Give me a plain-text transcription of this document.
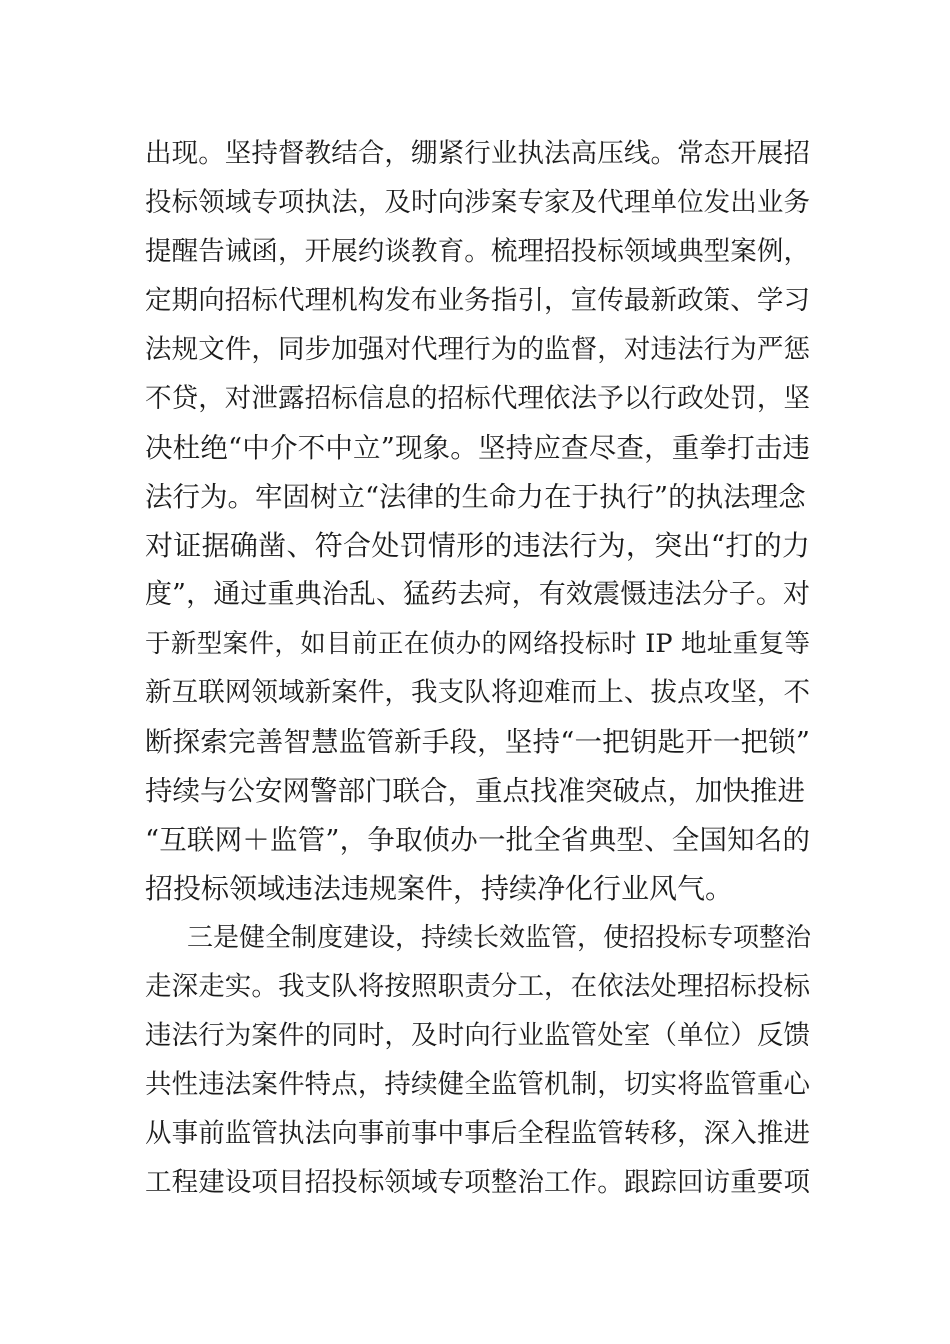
出现。坚持督教结合，绷紧行业执法高压线。常态开展招
投标领域专项执法，及时向涉案专家及代理单位发出业务
提醒告诫函，开展约谈教育。梳理招投标领域典型案例，
定期向招标代理机构发布业务指引，宣传最新政策、学习
法规文件，同步加强对代理行为的监督，对违法行为严惩
不贷，对泄露招标信息的招标代理依法予以行政处罚，坚
决杜绝“中介不中立”现象。坚持应查尽查，重拳打击违
法行为。牢固树立“法律的生命力在于执行”的执法理念
对证据确凿、符合处罚情形的违法行为，突出“打的力
度”，通过重典治乱、猛药去疴，有效震慑违法分子。对
于新型案件，如目前正在侦办的网络投标时 IP 地址重复等
新互联网领域新案件，我支队将迎难而上、拔点攻坚，不
断探索完善智慧监管新手段，坚持“一把钥匙开一把锁”
持续与公安网警部门联合，重点找准突破点，加快推进
“互联网＋监管”，争取侦办一批全省典型、全国知名的
招投标领域违法违规案件，持续净化行业风气。
三是健全制度建设，持续长效监管，使招投标专项整治
走深走实。我支队将按照职责分工，在依法处理招标投标
违法行为案件的同时，及时向行业监管处室（单位）反馈
共性违法案件特点，持续健全监管机制，切实将监管重心
从事前监管执法向事前事中事后全程监管转移，深入推进
工程建设项目招投标领域专项整治工作。跟踪回访重要项
